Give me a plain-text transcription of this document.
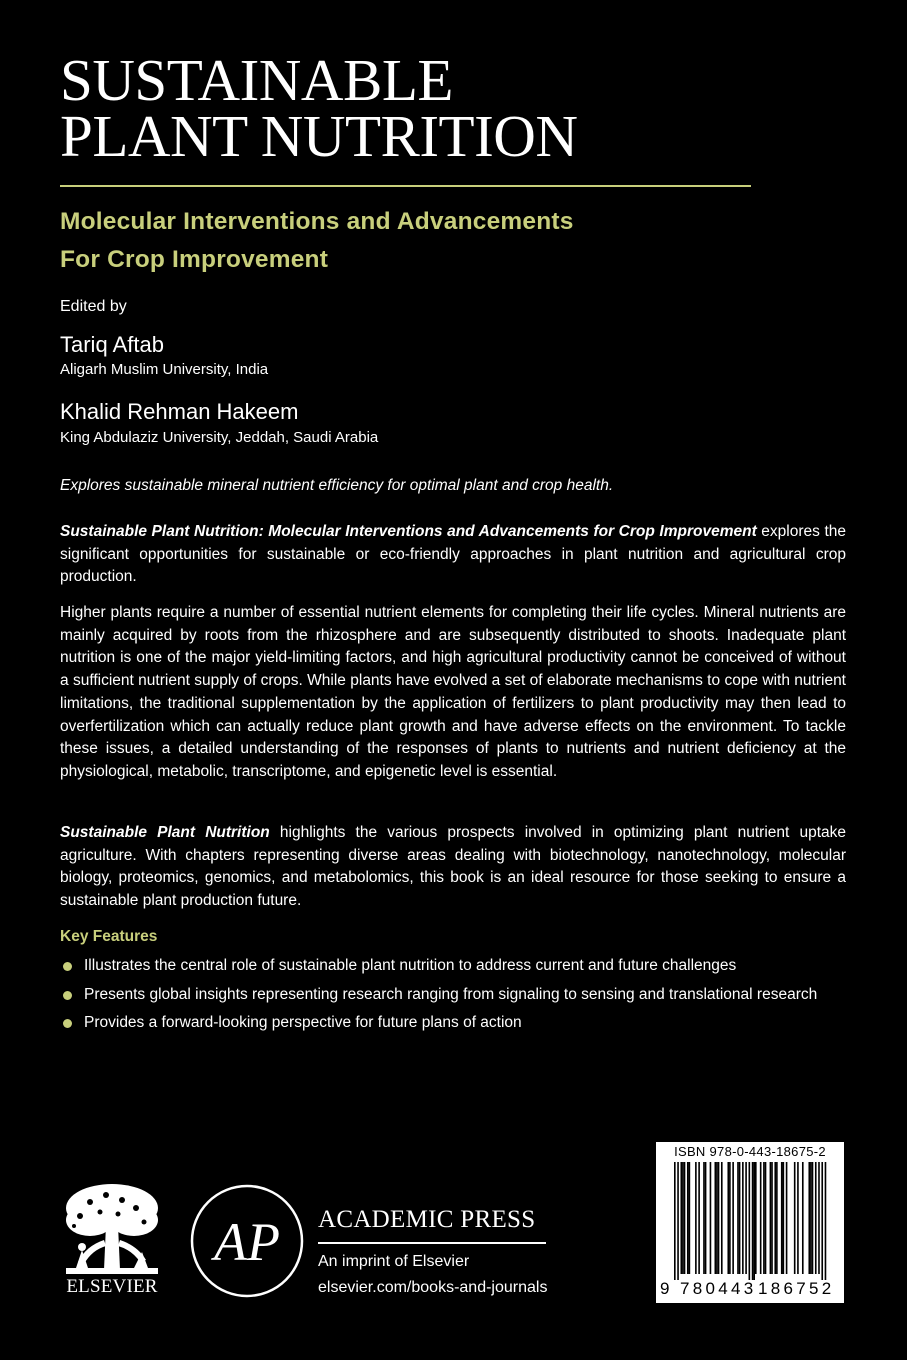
SUSTAINABLE
PLANT NUTRITION
Molecular Interventions and Advancements
For Crop Improvement
Edited by
Tariq Aftab
Aligarh Muslim University, India
Khalid Rehman Hakeem
King Abdulaziz University, Jeddah, Saudi Arabia
Explores sustainable mineral nutrient efficiency for optimal plant and crop health.

Sustainable Plant Nutrition: Molecular Interventions and Advancements for Crop Improvement explores the significant opportunities for sustainable or eco-friendly approaches in plant nutrition and agricultural crop production.

Higher plants require a number of essential nutrient elements for completing their life cycles. Mineral nutrients are mainly acquired by roots from the rhizosphere and are subsequently distributed to shoots. Inadequate plant nutrition is one of the major yield-limiting factors, and high agricultural productivity cannot be conceived of without a sufficient nutrient supply of crops. While plants have evolved a set of elaborate mechanisms to cope with nutrient limitations, the traditional supplementation by the application of fertilizers to plant productivity may then lead to overfertilization which can actually reduce plant growth and have adverse effects on the environment. To tackle these issues, a detailed understanding of the responses of plants to nutrients and nutrient deficiency at the physiological, metabolic, transcriptome, and epigenetic level is essential.

Sustainable Plant Nutrition highlights the various prospects involved in optimizing plant nutrient uptake agriculture. With chapters representing diverse areas dealing with biotechnology, nanotechnology, molecular biology, proteomics, genomics, and metabolomics, this book is an ideal resource for those seeking to ensure a sustainable plant production future.

Key Features
Illustrates the central role of sustainable plant nutrition to address current and future challenges
Presents global insights representing research ranging from signaling to sensing and translational research
Provides a forward-looking perspective for future plans of action
ELSEVIER
AP ACADEMIC PRESS
An imprint of Elsevier
elsevier.com/books-and-journals
ISBN 978-0-443-18675-2
9 780443 186752
